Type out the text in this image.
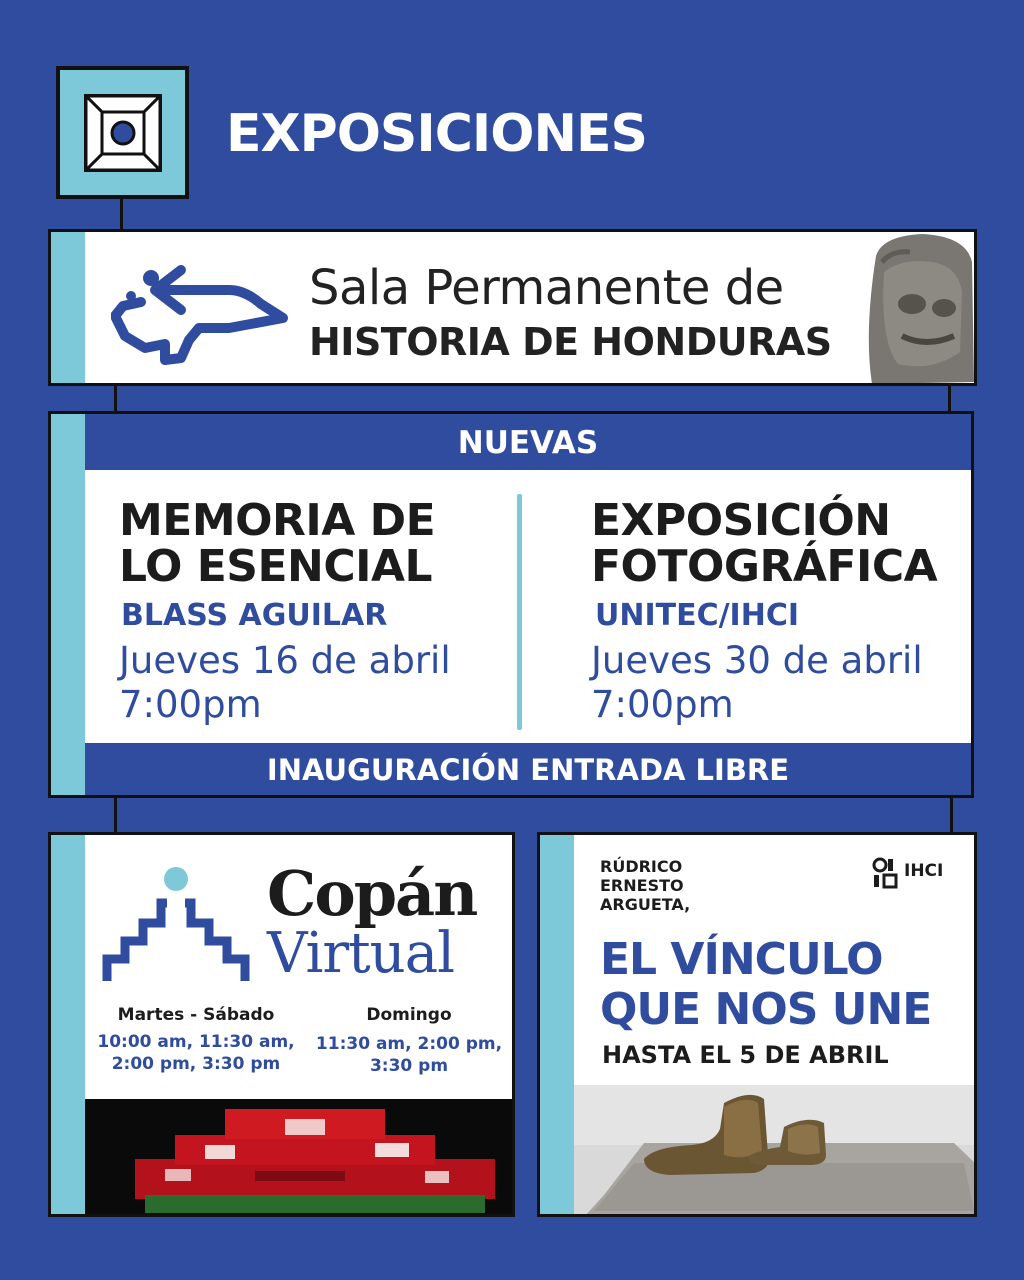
EXPOSICIONES
Sala Permanente de
HISTORIA DE HONDURAS
NUEVAS
MEMORIA DE
LO ESENCIAL
BLASS AGUILAR
Jueves 16 de abril
7:00pm
EXPOSICIÓN
FOTOGRÁFICA
UNITEC/IHCI
Jueves 30 de abril
7:00pm
INAUGURACIÓN ENTRADA LIBRE
Copán
Virtual
Martes - Sábado
10:00 am, 11:30 am,
2:00 pm, 3:30 pm
Domingo
11:30 am, 2:00 pm,
3:30 pm
RÚDRICO
ERNESTO
ARGUETA,
IHCI
EL VÍNCULO
QUE NOS UNE
HASTA EL 5 DE ABRIL
